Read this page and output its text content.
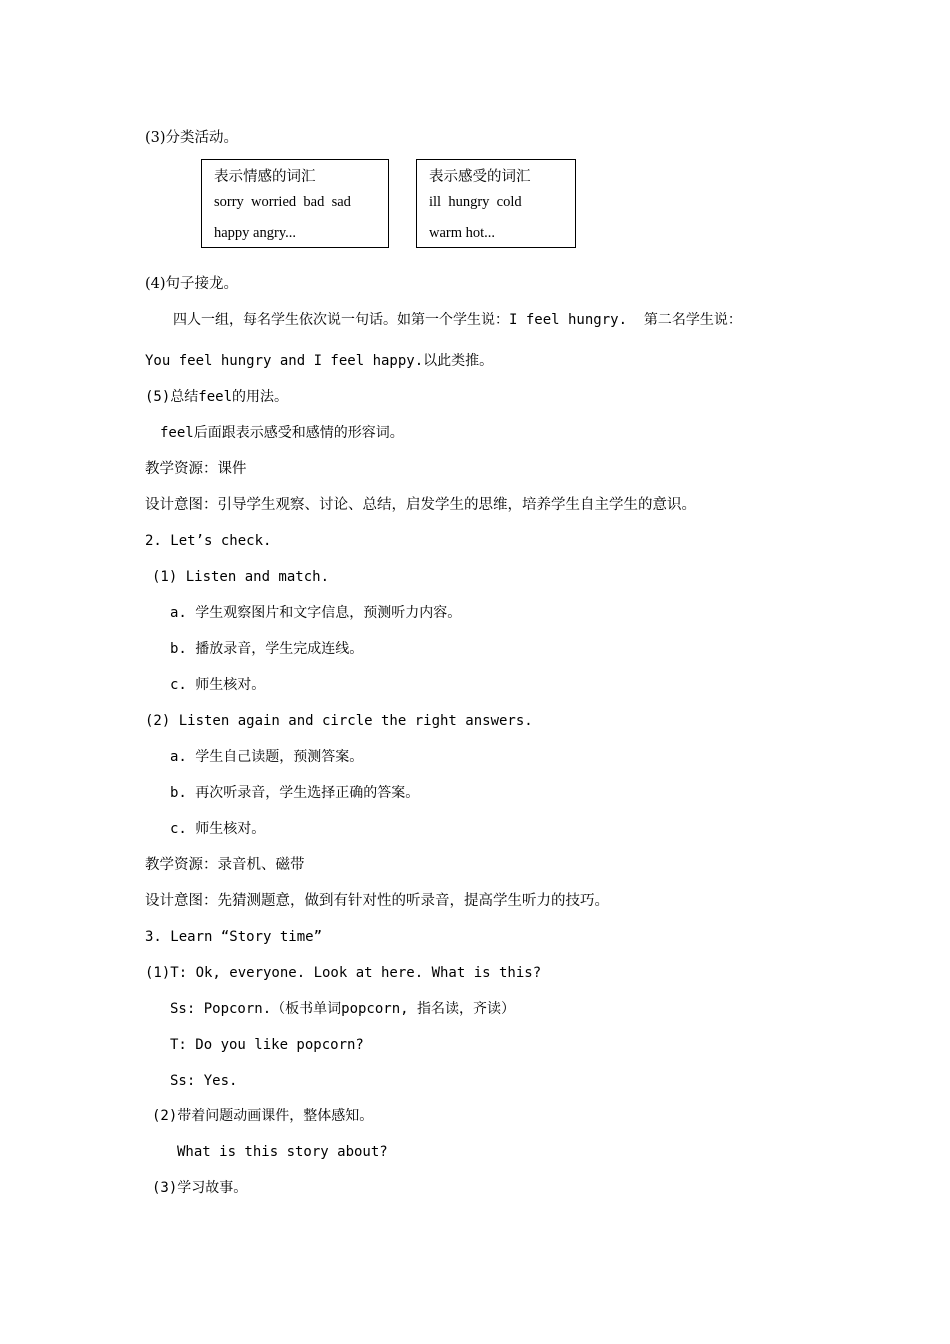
(3)分类活动。
表示情感的词汇
sorry  worried  bad  sad
happy angry...
表示感受的词汇
ill  hungry  cold
warm hot...
(4)句子接龙。
四人一组，每名学生依次说一句话。如第一个学生说：I feel hungry.  第二名学生说：
You feel hungry and I feel happy.以此类推。
(5)总结feel的用法。
feel后面跟表示感受和感情的形容词。
教学资源：课件
设计意图：引导学生观察、讨论、总结，启发学生的思维，培养学生自主学生的意识。
2. Let’s check.
(1) Listen and match.
a. 学生观察图片和文字信息，预测听力内容。
b. 播放录音，学生完成连线。
c. 师生核对。
(2) Listen again and circle the right answers.
a. 学生自己读题，预测答案。
b. 再次听录音，学生选择正确的答案。
c. 师生核对。
教学资源：录音机、磁带
设计意图：先猜测题意，做到有针对性的听录音，提高学生听力的技巧。
3. Learn “Story time”
(1)T: Ok, everyone. Look at here. What is this?
Ss: Popcorn.（板书单词popcorn, 指名读，齐读）
T: Do you like popcorn?
Ss: Yes.
(2)带着问题动画课件，整体感知。
What is this story about?
(3)学习故事。
